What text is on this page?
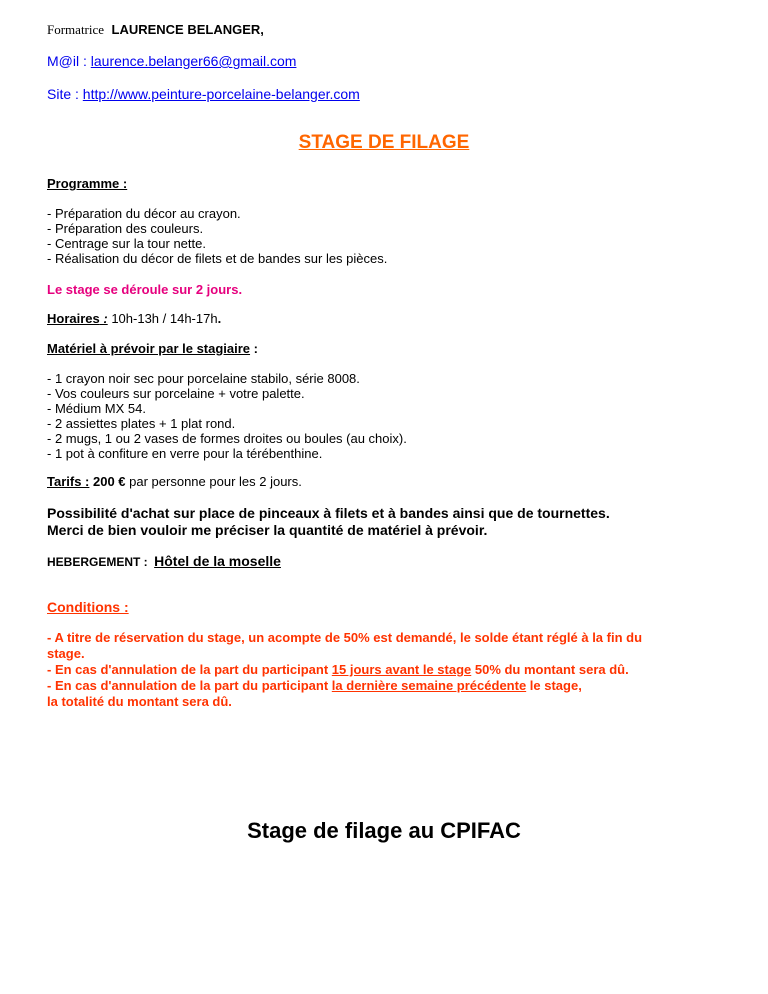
Formatrice LAURENCE BELANGER,
M@il : laurence.belanger66@gmail.com
Site : http://www.peinture-porcelaine-belanger.com
STAGE DE FILAGE
Programme :
- Préparation du décor au crayon.
- Préparation des couleurs.
- Centrage sur la tour nette.
- Réalisation du décor de filets et de bandes sur les pièces.
Le stage se déroule sur 2 jours.
Horaires : 10h-13h / 14h-17h.
Matériel à prévoir par le stagiaire :
- 1 crayon noir sec pour porcelaine stabilo, série 8008.
- Vos couleurs sur porcelaine + votre palette.
- Médium MX 54.
- 2 assiettes plates + 1 plat rond.
- 2 mugs, 1 ou 2 vases de formes droites ou boules (au choix).
- 1 pot à confiture en verre pour la térébenthine.
Tarifs : 200 € par personne pour les 2 jours.
Possibilité d'achat sur place de pinceaux à filets et à bandes ainsi que de tournettes.
Merci de bien vouloir me préciser la quantité de matériel à prévoir.
HEBERGEMENT : Hôtel de la moselle
Conditions :
- A titre de réservation du stage, un acompte de 50% est demandé, le solde étant réglé à la fin du
stage.
- En cas d'annulation de la part du participant 15 jours avant le stage 50% du montant sera dû.
- En cas d'annulation de la part du participant la dernière semaine précédente le stage,
la totalité du montant sera dû.
Stage de filage au CPIFAC
